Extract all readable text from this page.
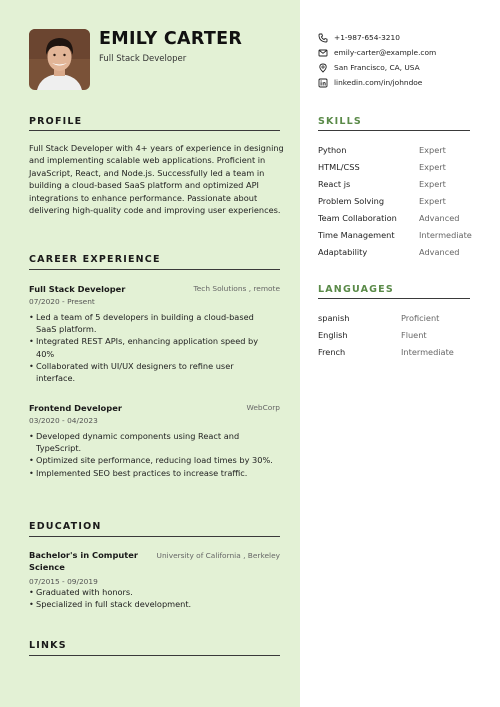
EMILY CARTER
Full Stack Developer
PROFILE
Full Stack Developer with 4+ years of experience in designing and implementing scalable web applications. Proficient in JavaScript, React, and Node.js. Successfully led a team in building a cloud-based SaaS platform and optimized API integrations to enhance performance. Passionate about delivering high-quality code and improving user experiences.
CAREER EXPERIENCE
Full Stack Developer	Tech Solutions , remote
07/2020 - Present
• Led a team of 5 developers in building a cloud-based SaaS platform.
• Integrated REST APIs, enhancing application speed by 40%
• Collaborated with UI/UX designers to refine user interface.
Frontend Developer	WebCorp
03/2020 - 04/2023
• Developed dynamic components using React and TypeScript.
• Optimized site performance, reducing load times by 30%.
• Implemented SEO best practices to increase traffic.
EDUCATION
Bachelor's in Computer Science
University of California , Berkeley
07/2015 - 09/2019
• Graduated with honors.
• Specialized in full stack development.
LINKS
+1-987-654-3210
emily-carter@example.com
San Francisco, CA, USA
linkedin.com/in/johndoe
SKILLS
Python	Expert
HTML/CSS	Expert
React js	Expert
Problem Solving	Expert
Team Collaboration	Advanced
Time Management	Intermediate
Adaptability	Advanced
LANGUAGES
spanish	Proficient
English	Fluent
French	Intermediate
